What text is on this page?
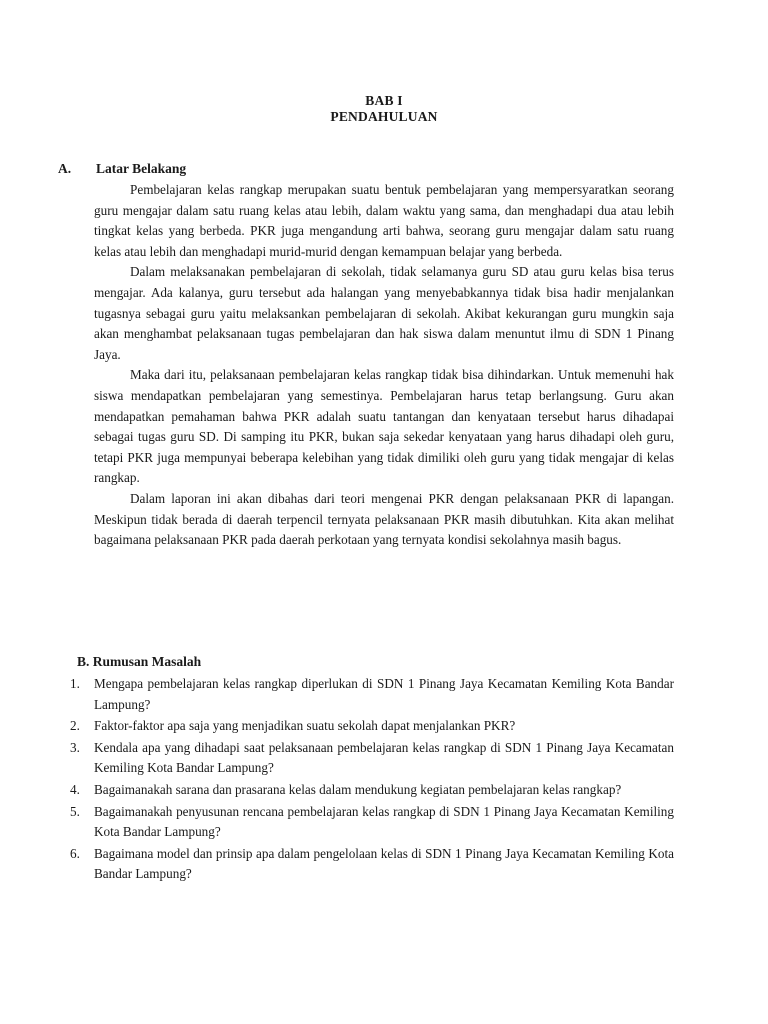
BAB I
PENDAHULUAN
A. Latar Belakang

Pembelajaran kelas rangkap merupakan suatu bentuk pembelajaran yang mempersyaratkan seorang guru mengajar dalam satu ruang kelas atau lebih, dalam waktu yang sama, dan menghadapi dua atau lebih tingkat kelas yang berbeda. PKR juga mengandung arti bahwa, seorang guru mengajar dalam satu ruang kelas atau lebih dan menghadapi murid-murid dengan kemampuan belajar yang berbeda.

Dalam melaksanakan pembelajaran di sekolah, tidak selamanya guru SD atau guru kelas bisa terus mengajar. Ada kalanya, guru tersebut ada halangan yang menyebabkannya tidak bisa hadir menjalankan tugasnya sebagai guru yaitu melaksankan pembelajaran di sekolah. Akibat kekurangan guru mungkin saja akan menghambat pelaksanaan tugas pembelajaran dan hak siswa dalam menuntut ilmu di SDN 1 Pinang Jaya.

Maka dari itu, pelaksanaan pembelajaran kelas rangkap tidak bisa dihindarkan. Untuk memenuhi hak siswa mendapatkan pembelajaran yang semestinya. Pembelajaran harus tetap berlangsung. Guru akan mendapatkan pemahaman bahwa PKR adalah suatu tantangan dan kenyataan tersebut harus dihadapai sebagai tugas guru SD. Di samping itu PKR, bukan saja sekedar kenyataan yang harus dihadapi oleh guru, tetapi PKR juga mempunyai beberapa kelebihan yang tidak dimiliki oleh guru yang tidak mengajar di kelas rangkap.

Dalam laporan ini akan dibahas dari teori mengenai PKR dengan pelaksanaan PKR di lapangan. Meskipun tidak berada di daerah terpencil ternyata pelaksanaan PKR masih dibutuhkan. Kita akan melihat bagaimana pelaksanaan PKR pada daerah perkotaan yang ternyata kondisi sekolahnya masih bagus.

B. Rumusan Masalah
1. Mengapa pembelajaran kelas rangkap diperlukan di SDN 1 Pinang Jaya Kecamatan Kemiling Kota Bandar Lampung?
2. Faktor-faktor apa saja yang menjadikan suatu sekolah dapat menjalankan PKR?
3. Kendala apa yang dihadapi saat pelaksanaan pembelajaran kelas rangkap di SDN 1 Pinang Jaya Kecamatan Kemiling Kota Bandar Lampung?
4. Bagaimanakah sarana dan prasarana kelas dalam mendukung kegiatan pembelajaran kelas rangkap?
5. Bagaimanakah penyusunan rencana pembelajaran kelas rangkap di SDN 1 Pinang Jaya Kecamatan Kemiling Kota Bandar Lampung?
6. Bagaimana model dan prinsip apa dalam pengelolaan kelas di SDN 1 Pinang Jaya Kecamatan Kemiling Kota Bandar Lampung?
